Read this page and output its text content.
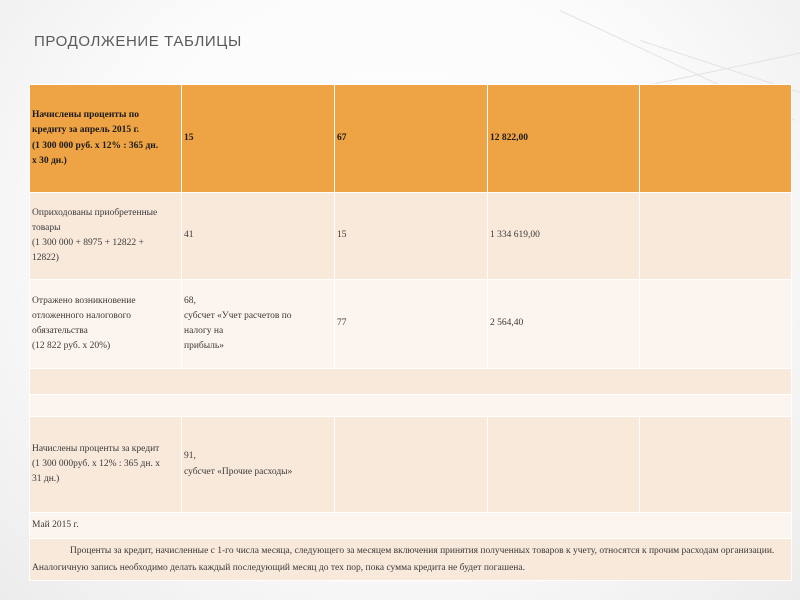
ПРОДОЛЖЕНИЕ ТАБЛИЦЫ
Начислены проценты по
кредиту за апрель 2015 г.
(1 300 000 руб. х 12% : 365 дн.
х 30 дн.)	15	67	12 822,00	
Оприходованы приобретенные
товары
(1 300 000 + 8975 + 12822 +
12822)	41	15	1 334 619,00	
Отражено возникновение
отложенного налогового
обязательства
(12 822 руб. х 20%)	68,
субсчет «Учет расчетов по
налогу на
прибыль»	77	2 564,40	

Начислены проценты за кредит
(1 300 000руб. х 12% : 365 дн. х
31 дн.)	91,
субсчет «Прочие расходы»			
Май 2015 г.				
Проценты за кредит, начисленные с 1-го числа месяца, следующего за месяцем включения принятия полученных товаров к учету, относятся к прочим расходам организации. Аналогичную запись необходимо делать каждый последующий месяц до тех пор, пока сумма кредита не будет погашена.				
